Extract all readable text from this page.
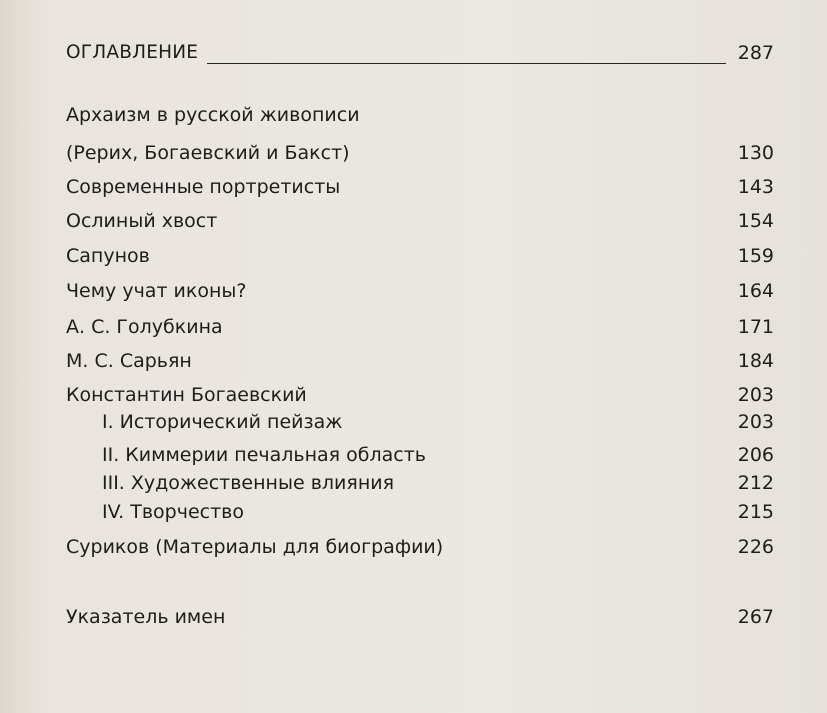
ОГЛАВЛЕНИЕ	287
Архаизм в русской живописи
(Рерих, Богаевский и Бакст)	130
Современные портретисты	143
Ослиный хвост	154
Сапунов	159
Чему учат иконы?	164
А. С. Голубкина	171
М. С. Сарьян	184
Константин Богаевский	203
I. Исторический пейзаж	203
II. Киммерии печальная область	206
III. Художественные влияния	212
IV. Творчество	215
Суриков (Материалы для биографии)	226
Указатель имен	267
